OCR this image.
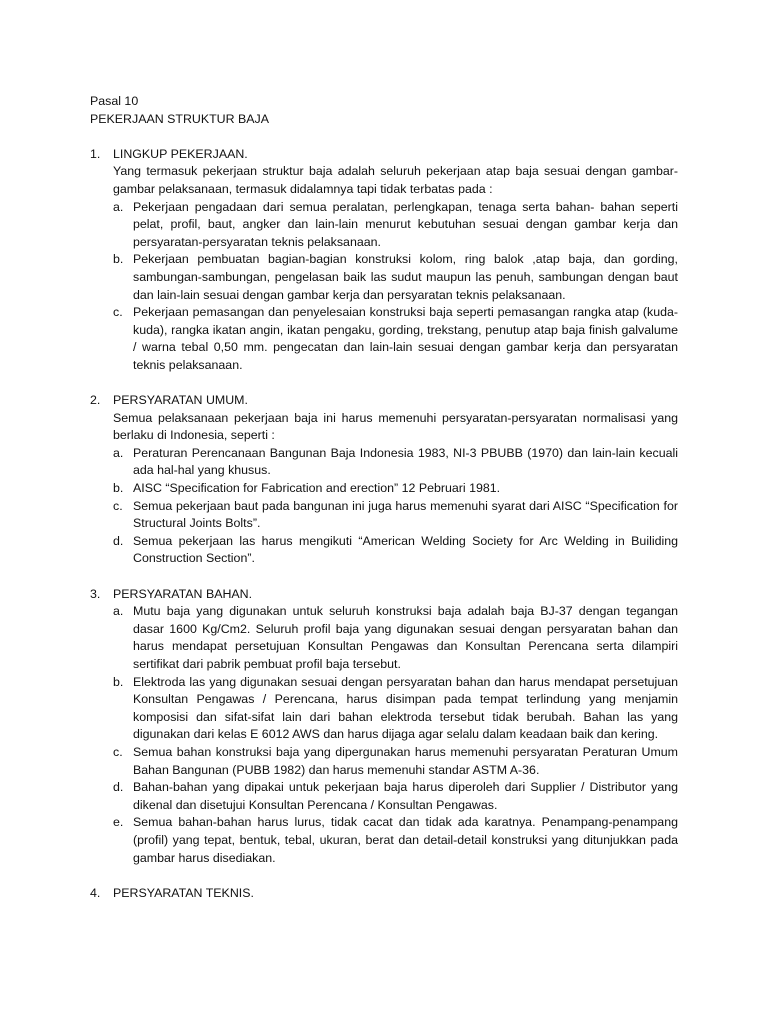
Pasal 10
PEKERJAAN STRUKTUR BAJA
1. LINGKUP PEKERJAAN.
Yang termasuk pekerjaan struktur baja adalah seluruh pekerjaan atap baja sesuai dengan gambar-gambar pelaksanaan, termasuk didalamnya tapi tidak terbatas pada :
a. Pekerjaan pengadaan dari semua peralatan, perlengkapan, tenaga serta bahan- bahan seperti pelat, profil, baut, angker dan lain-lain menurut kebutuhan sesuai dengan gambar kerja dan persyaratan-persyaratan teknis pelaksanaan.
b. Pekerjaan pembuatan bagian-bagian konstruksi kolom, ring balok ,atap baja, dan gording, sambungan-sambungan, pengelasan baik las sudut maupun las penuh, sambungan dengan baut dan lain-lain sesuai dengan gambar kerja dan persyaratan teknis pelaksanaan.
c. Pekerjaan pemasangan dan penyelesaian konstruksi baja seperti pemasangan rangka atap (kuda-kuda), rangka ikatan angin, ikatan pengaku, gording, trekstang, penutup atap baja finish galvalume / warna tebal 0,50 mm. pengecatan dan lain-lain sesuai dengan gambar kerja dan persyaratan teknis pelaksanaan.
2. PERSYARATAN UMUM.
Semua pelaksanaan pekerjaan baja ini harus memenuhi persyaratan-persyaratan normalisasi yang berlaku di Indonesia, seperti :
a. Peraturan Perencanaan Bangunan Baja Indonesia 1983, NI-3 PBUBB (1970) dan lain-lain kecuali ada hal-hal yang khusus.
b. AISC “Specification for Fabrication and erection” 12 Pebruari 1981.
c. Semua pekerjaan baut pada bangunan ini juga harus memenuhi syarat dari AISC “Specification for Structural Joints Bolts”.
d. Semua pekerjaan las harus mengikuti “American Welding Society for Arc Welding in Builiding Construction Section”.
3. PERSYARATAN BAHAN.
a. Mutu baja yang digunakan untuk seluruh konstruksi baja adalah baja BJ-37 dengan tegangan dasar 1600 Kg/Cm2. Seluruh profil baja yang digunakan sesuai dengan persyaratan bahan dan harus mendapat persetujuan Konsultan Pengawas dan Konsultan Perencana serta dilampiri sertifikat dari pabrik pembuat profil baja tersebut.
b. Elektroda las yang digunakan sesuai dengan persyaratan bahan dan harus mendapat persetujuan Konsultan Pengawas / Perencana, harus disimpan pada tempat terlindung yang menjamin komposisi dan sifat-sifat lain dari bahan elektroda tersebut tidak berubah. Bahan las yang digunakan dari kelas E 6012 AWS dan harus dijaga agar selalu dalam keadaan baik dan kering.
c. Semua bahan konstruksi baja yang dipergunakan harus memenuhi persyaratan Peraturan Umum Bahan Bangunan (PUBB 1982) dan harus memenuhi standar ASTM A-36.
d. Bahan-bahan yang dipakai untuk pekerjaan baja harus diperoleh dari Supplier / Distributor yang dikenal dan disetujui Konsultan Perencana / Konsultan Pengawas.
e. Semua bahan-bahan harus lurus, tidak cacat dan tidak ada karatnya. Penampang-penampang (profil) yang tepat, bentuk, tebal, ukuran, berat dan detail-detail konstruksi yang ditunjukkan pada gambar harus disediakan.
4. PERSYARATAN TEKNIS.
